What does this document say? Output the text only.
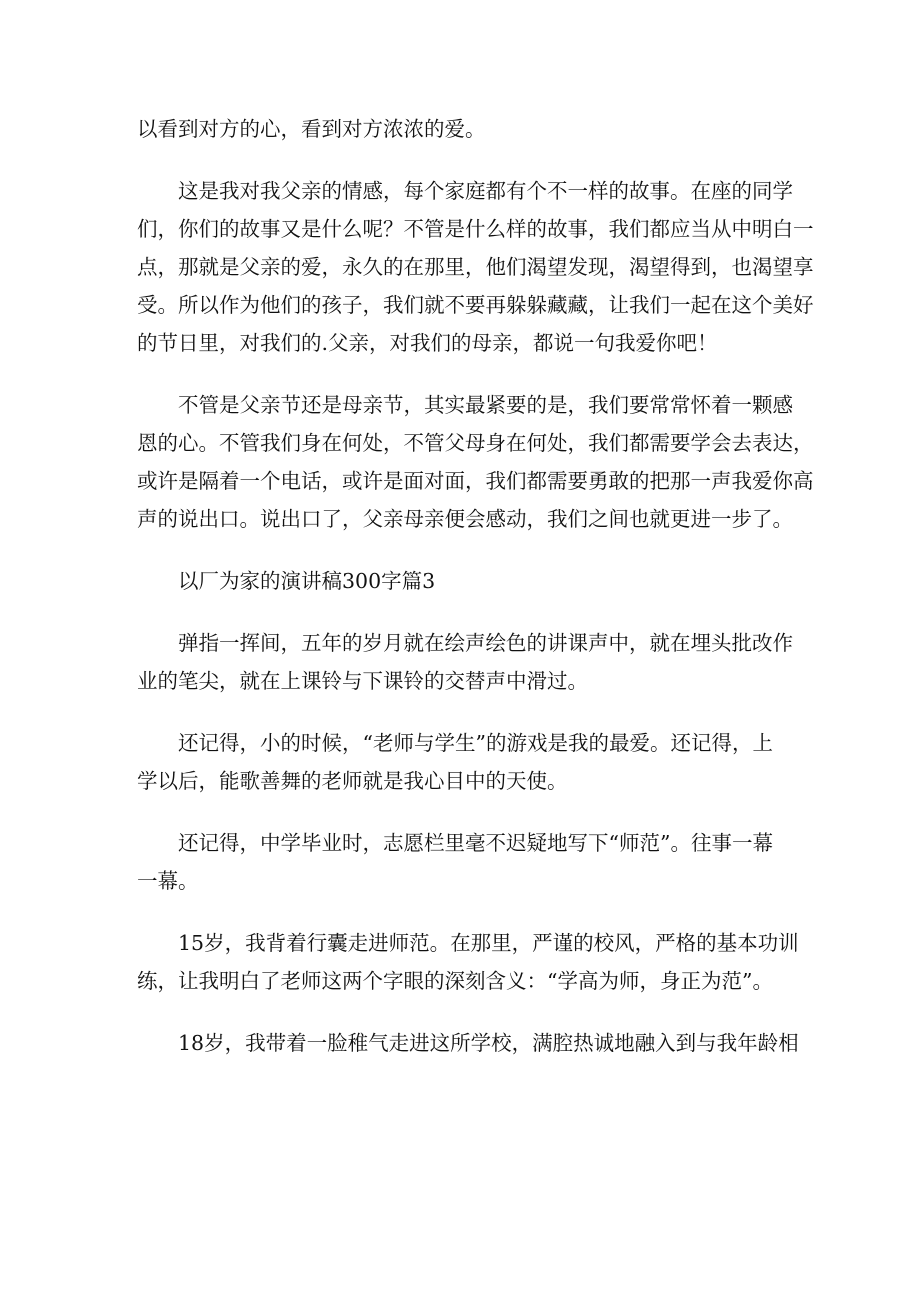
以看到对方的心，看到对方浓浓的爱。
这是我对我父亲的情感，每个家庭都有个不一样的故事。在座的同学
们，你们的故事又是什么呢？不管是什么样的故事，我们都应当从中明白一
点，那就是父亲的爱，永久的在那里，他们渴望发现，渴望得到，也渴望享
受。所以作为他们的孩子，我们就不要再躲躲藏藏，让我们一起在这个美好
的节日里，对我们的.父亲，对我们的母亲，都说一句我爱你吧！
不管是父亲节还是母亲节，其实最紧要的是，我们要常常怀着一颗感
恩的心。不管我们身在何处，不管父母身在何处，我们都需要学会去表达，
或许是隔着一个电话，或许是面对面，我们都需要勇敢的把那一声我爱你高
声的说出口。说出口了，父亲母亲便会感动，我们之间也就更进一步了。
以厂为家的演讲稿300字篇3
弹指一挥间，五年的岁月就在绘声绘色的讲课声中，就在埋头批改作
业的笔尖，就在上课铃与下课铃的交替声中滑过。
还记得，小的时候，“老师与学生”的游戏是我的最爱。还记得，上
学以后，能歌善舞的老师就是我心目中的天使。
还记得，中学毕业时，志愿栏里毫不迟疑地写下“师范”。往事一幕
一幕。
15岁，我背着行囊走进师范。在那里，严谨的校风，严格的基本功训
练，让我明白了老师这两个字眼的深刻含义：“学高为师，身正为范”。
18岁，我带着一脸稚气走进这所学校，满腔热诚地融入到与我年龄相
